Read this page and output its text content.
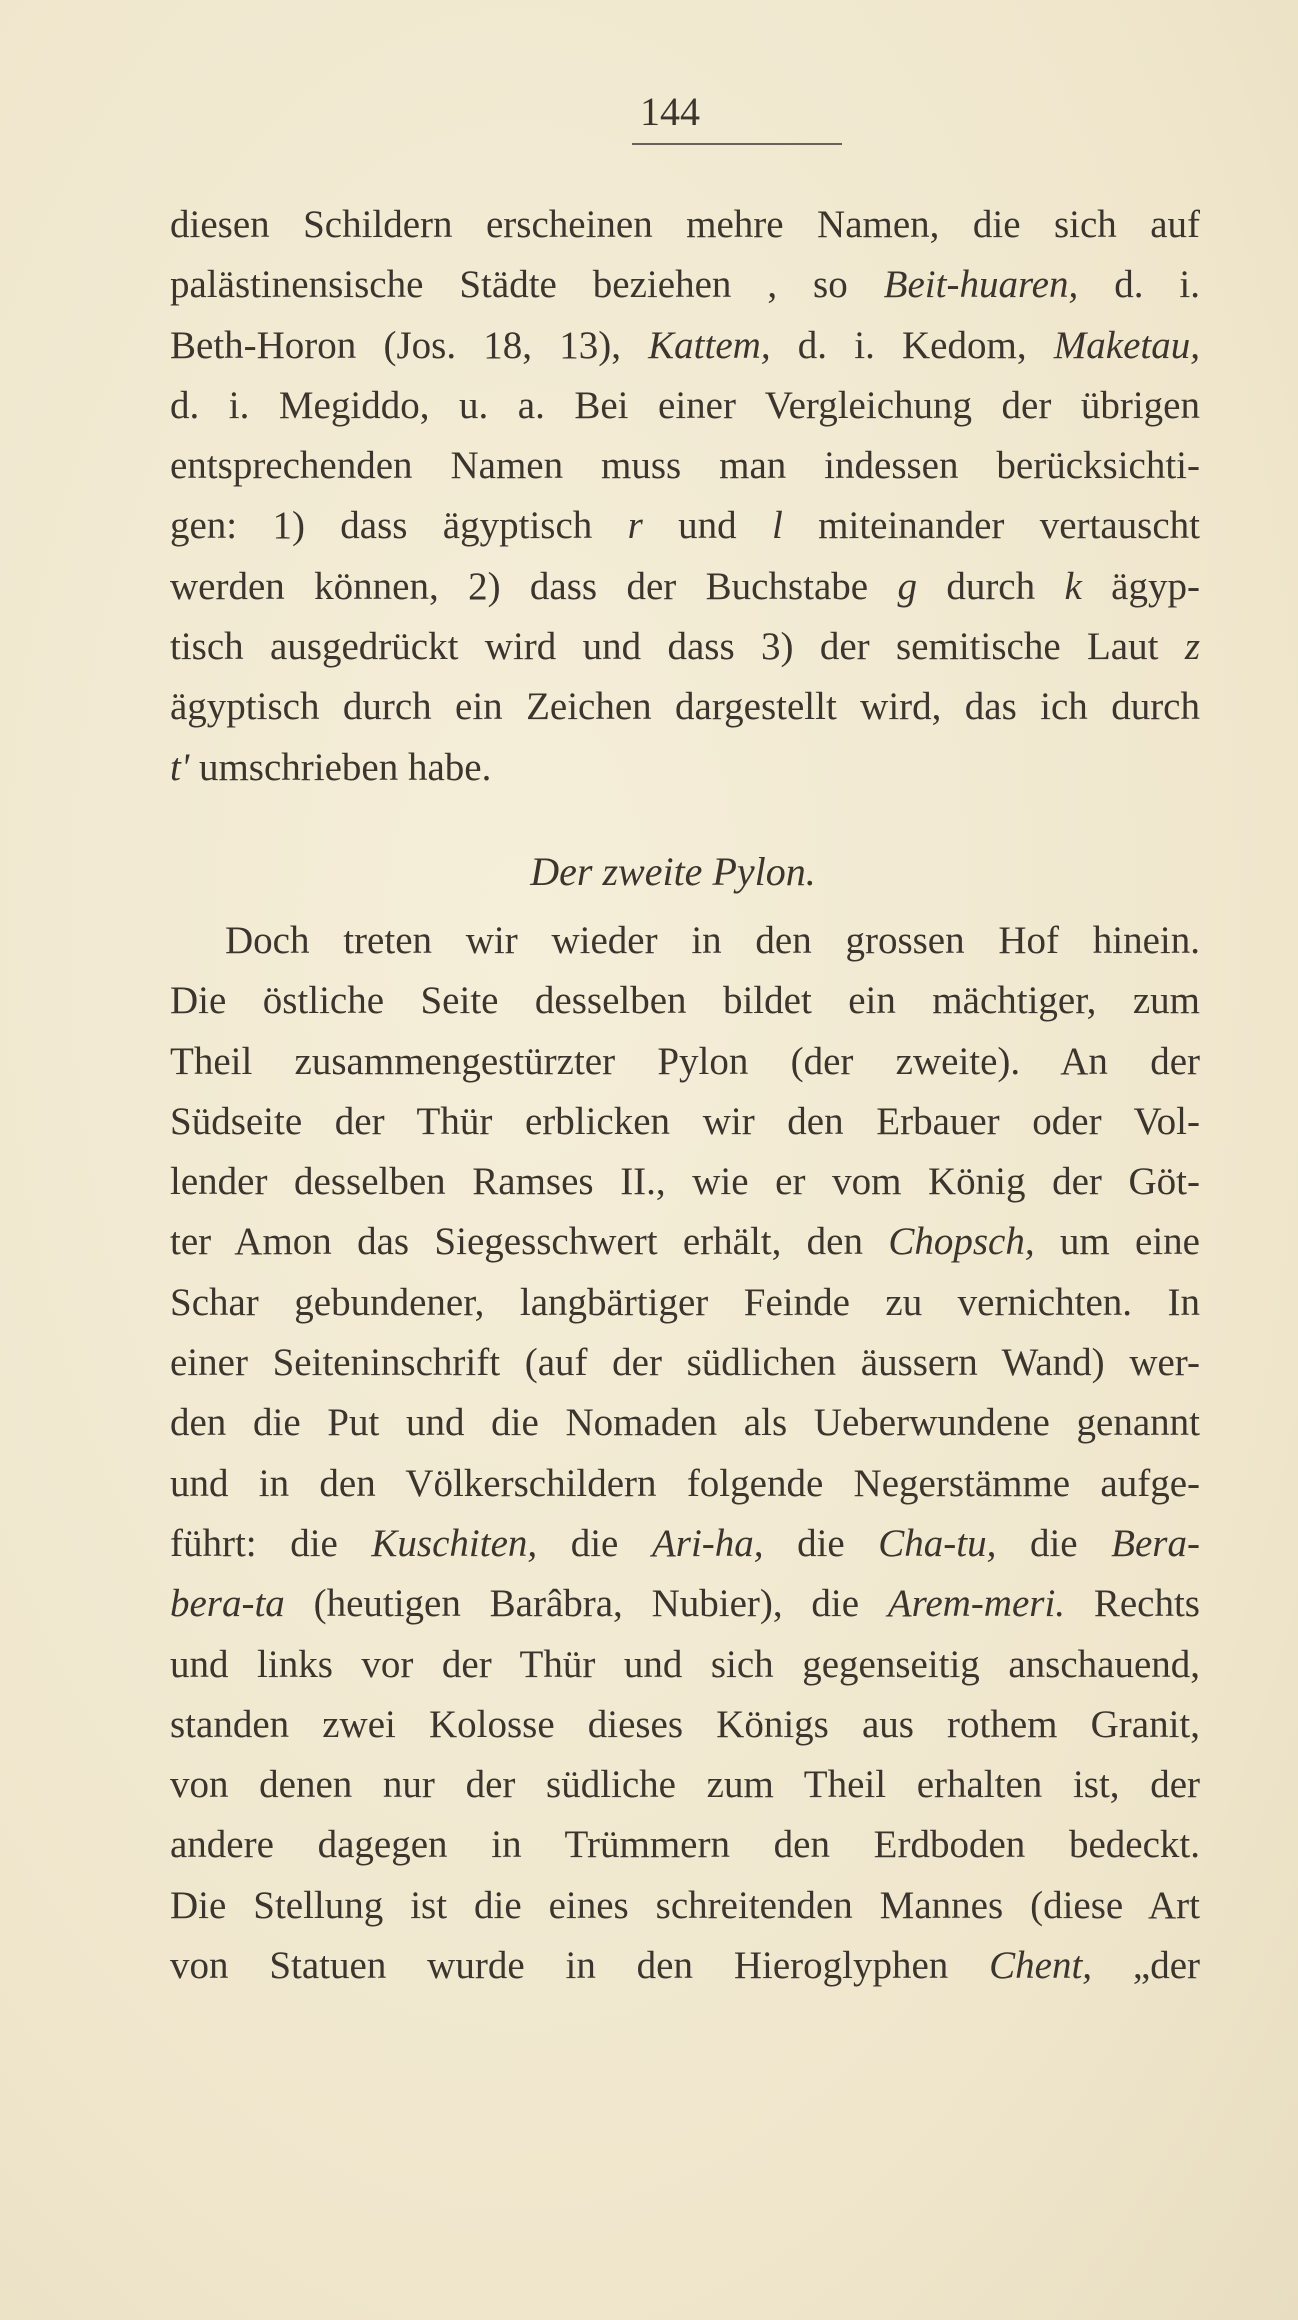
144
diesen Schildern erscheinen mehre Namen, die sich auf
palästinensische Städte beziehen , so Beit-huaren, d. i.
Beth-Horon (Jos. 18, 13), Kattem, d. i. Kedom, Maketau,
d. i. Megiddo, u. a. Bei einer Vergleichung der übrigen
entsprechenden Namen muss man indessen berücksichti-
gen: 1) dass ägyptisch r und l miteinander vertauscht
werden können, 2) dass der Buchstabe g durch k ägyp-
tisch ausgedrückt wird und dass 3) der semitische Laut z
ägyptisch durch ein Zeichen dargestellt wird, das ich durch
t' umschrieben habe.
Der zweite Pylon.
Doch treten wir wieder in den grossen Hof hinein.
Die östliche Seite desselben bildet ein mächtiger, zum
Theil zusammengestürzter Pylon (der zweite). An der
Südseite der Thür erblicken wir den Erbauer oder Vol-
lender desselben Ramses II., wie er vom König der Göt-
ter Amon das Siegesschwert erhält, den Chopsch, um eine
Schar gebundener, langbärtiger Feinde zu vernichten. In
einer Seiteninschrift (auf der südlichen äussern Wand) wer-
den die Put und die Nomaden als Ueberwundene genannt
und in den Völkerschildern folgende Negerstämme aufge-
führt: die Kuschiten, die Ari-ha, die Cha-tu, die Bera-
bera-ta (heutigen Barâbra, Nubier), die Arem-meri. Rechts
und links vor der Thür und sich gegenseitig anschauend,
standen zwei Kolosse dieses Königs aus rothem Granit,
von denen nur der südliche zum Theil erhalten ist, der
andere dagegen in Trümmern den Erdboden bedeckt.
Die Stellung ist die eines schreitenden Mannes (diese Art
von Statuen wurde in den Hieroglyphen Chent, „der
